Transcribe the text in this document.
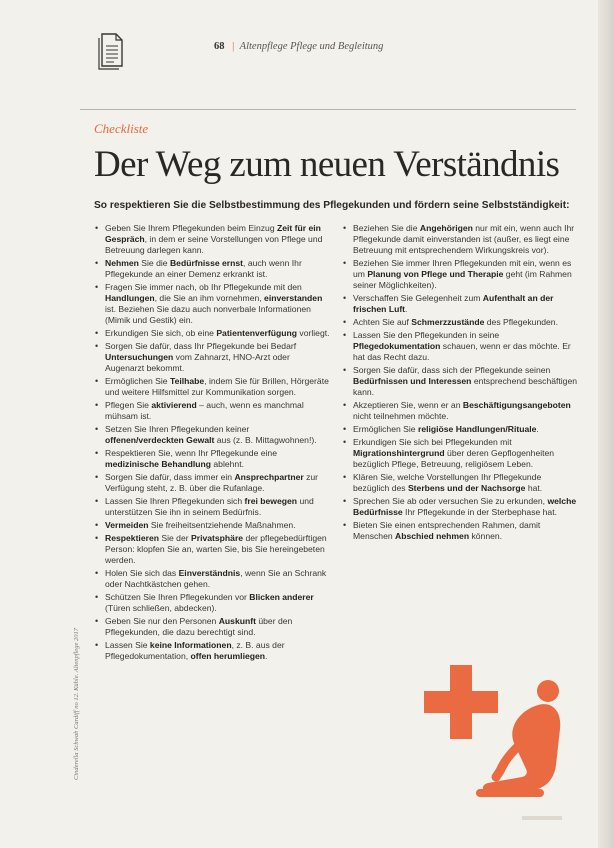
68 | Altenpflege Pflege und Begleitung
Checkliste
Der Weg zum neuen Verständnis
So respektieren Sie die Selbstbestimmung des Pflegekunden und fördern seine Selbstständigkeit:
• Geben Sie Ihrem Pflegekunden beim Einzug Zeit für ein Gespräch, in dem er seine Vorstellungen von Pflege und Betreuung darlegen kann.
• Nehmen Sie die Bedürfnisse ernst, auch wenn Ihr Pflegekunde an einer Demenz erkrankt ist.
• Fragen Sie immer nach, ob Ihr Pflegekunde mit den Handlungen, die Sie an ihm vornehmen, einverstanden ist. Beziehen Sie dazu auch nonverbale Informationen (Mimik und Gestik) ein.
• Erkundigen Sie sich, ob eine Patientenverfügung vorliegt.
• Sorgen Sie dafür, dass Ihr Pflegekunde bei Bedarf Untersuchungen vom Zahnarzt, HNO-Arzt oder Augenarzt bekommt.
• Ermöglichen Sie Teilhabe, indem Sie für Brillen, Hörgeräte und weitere Hilfsmittel zur Kommunikation sorgen.
• Pflegen Sie aktivierend – auch, wenn es manchmal mühsam ist.
• Setzen Sie Ihren Pflegekunden keiner offenen/verdeckten Gewalt aus (z. B. Mittagwohnen!).
• Respektieren Sie, wenn Ihr Pflegekunde eine medizinische Behandlung ablehnt.
• Sorgen Sie dafür, dass immer ein Ansprechpartner zur Verfügung steht, z. B. über die Rufanlage.
• Lassen Sie Ihren Pflegekunden sich frei bewegen und unterstützen Sie ihn in seinem Bedürfnis.
• Vermeiden Sie freiheitsentziehende Maßnahmen.
• Respektieren Sie der Privatsphäre der pflegebedürftigen Person: klopfen Sie an, warten Sie, bis Sie hereingebeten werden.
• Holen Sie sich das Einverständnis, wenn Sie an Schrank oder Nachtkästchen gehen.
• Schützen Sie Ihren Pflegekunden vor Blicken anderer (Türen schließen, abdecken).
• Geben Sie nur den Personen Auskunft über den Pflegekunden, die dazu berechtigt sind.
• Lassen Sie keine Informationen, z. B. aus der Pflegedokumentation, offen herumliegen.
• Beziehen Sie die Angehörigen nur mit ein, wenn auch Ihr Pflegekunde damit einverstanden ist (außer, es liegt eine Betreuung mit entsprechendem Wirkungskreis vor).
• Beziehen Sie immer Ihren Pflegekunden mit ein, wenn es um Planung von Pflege und Therapie geht (im Rahmen seiner Möglichkeiten).
• Verschaffen Sie Gelegenheit zum Aufenthalt an der frischen Luft.
• Achten Sie auf Schmerzzustände des Pflegekunden.
• Lassen Sie den Pflegekunden in seine Pflegedokumentation schauen, wenn er das möchte. Er hat das Recht dazu.
• Sorgen Sie dafür, dass sich der Pflegekunde seinen Bedürfnissen und Interessen entsprechend beschäftigen kann.
• Akzeptieren Sie, wenn er an Beschäftigungsangeboten nicht teilnehmen möchte.
• Ermöglichen Sie religiöse Handlungen/Rituale.
• Erkundigen Sie sich bei Pflegekunden mit Migrationshintergrund über deren Gepflogenheiten bezüglich Pflege, Betreuung, religiösem Leben.
• Klären Sie, welche Vorstellungen Ihr Pflegekunde bezüglich des Sterbens und der Nachsorge hat.
• Sprechen Sie ab oder versuchen Sie zu erkunden, welche Bedürfnisse Ihr Pflegekunde in der Sterbephase hat.
• Bieten Sie einen entsprechenden Rahmen, damit Menschen Abschied nehmen können.
Cinderella Schwab Cardiff no 12. Kühle. Altenpflege 2017
